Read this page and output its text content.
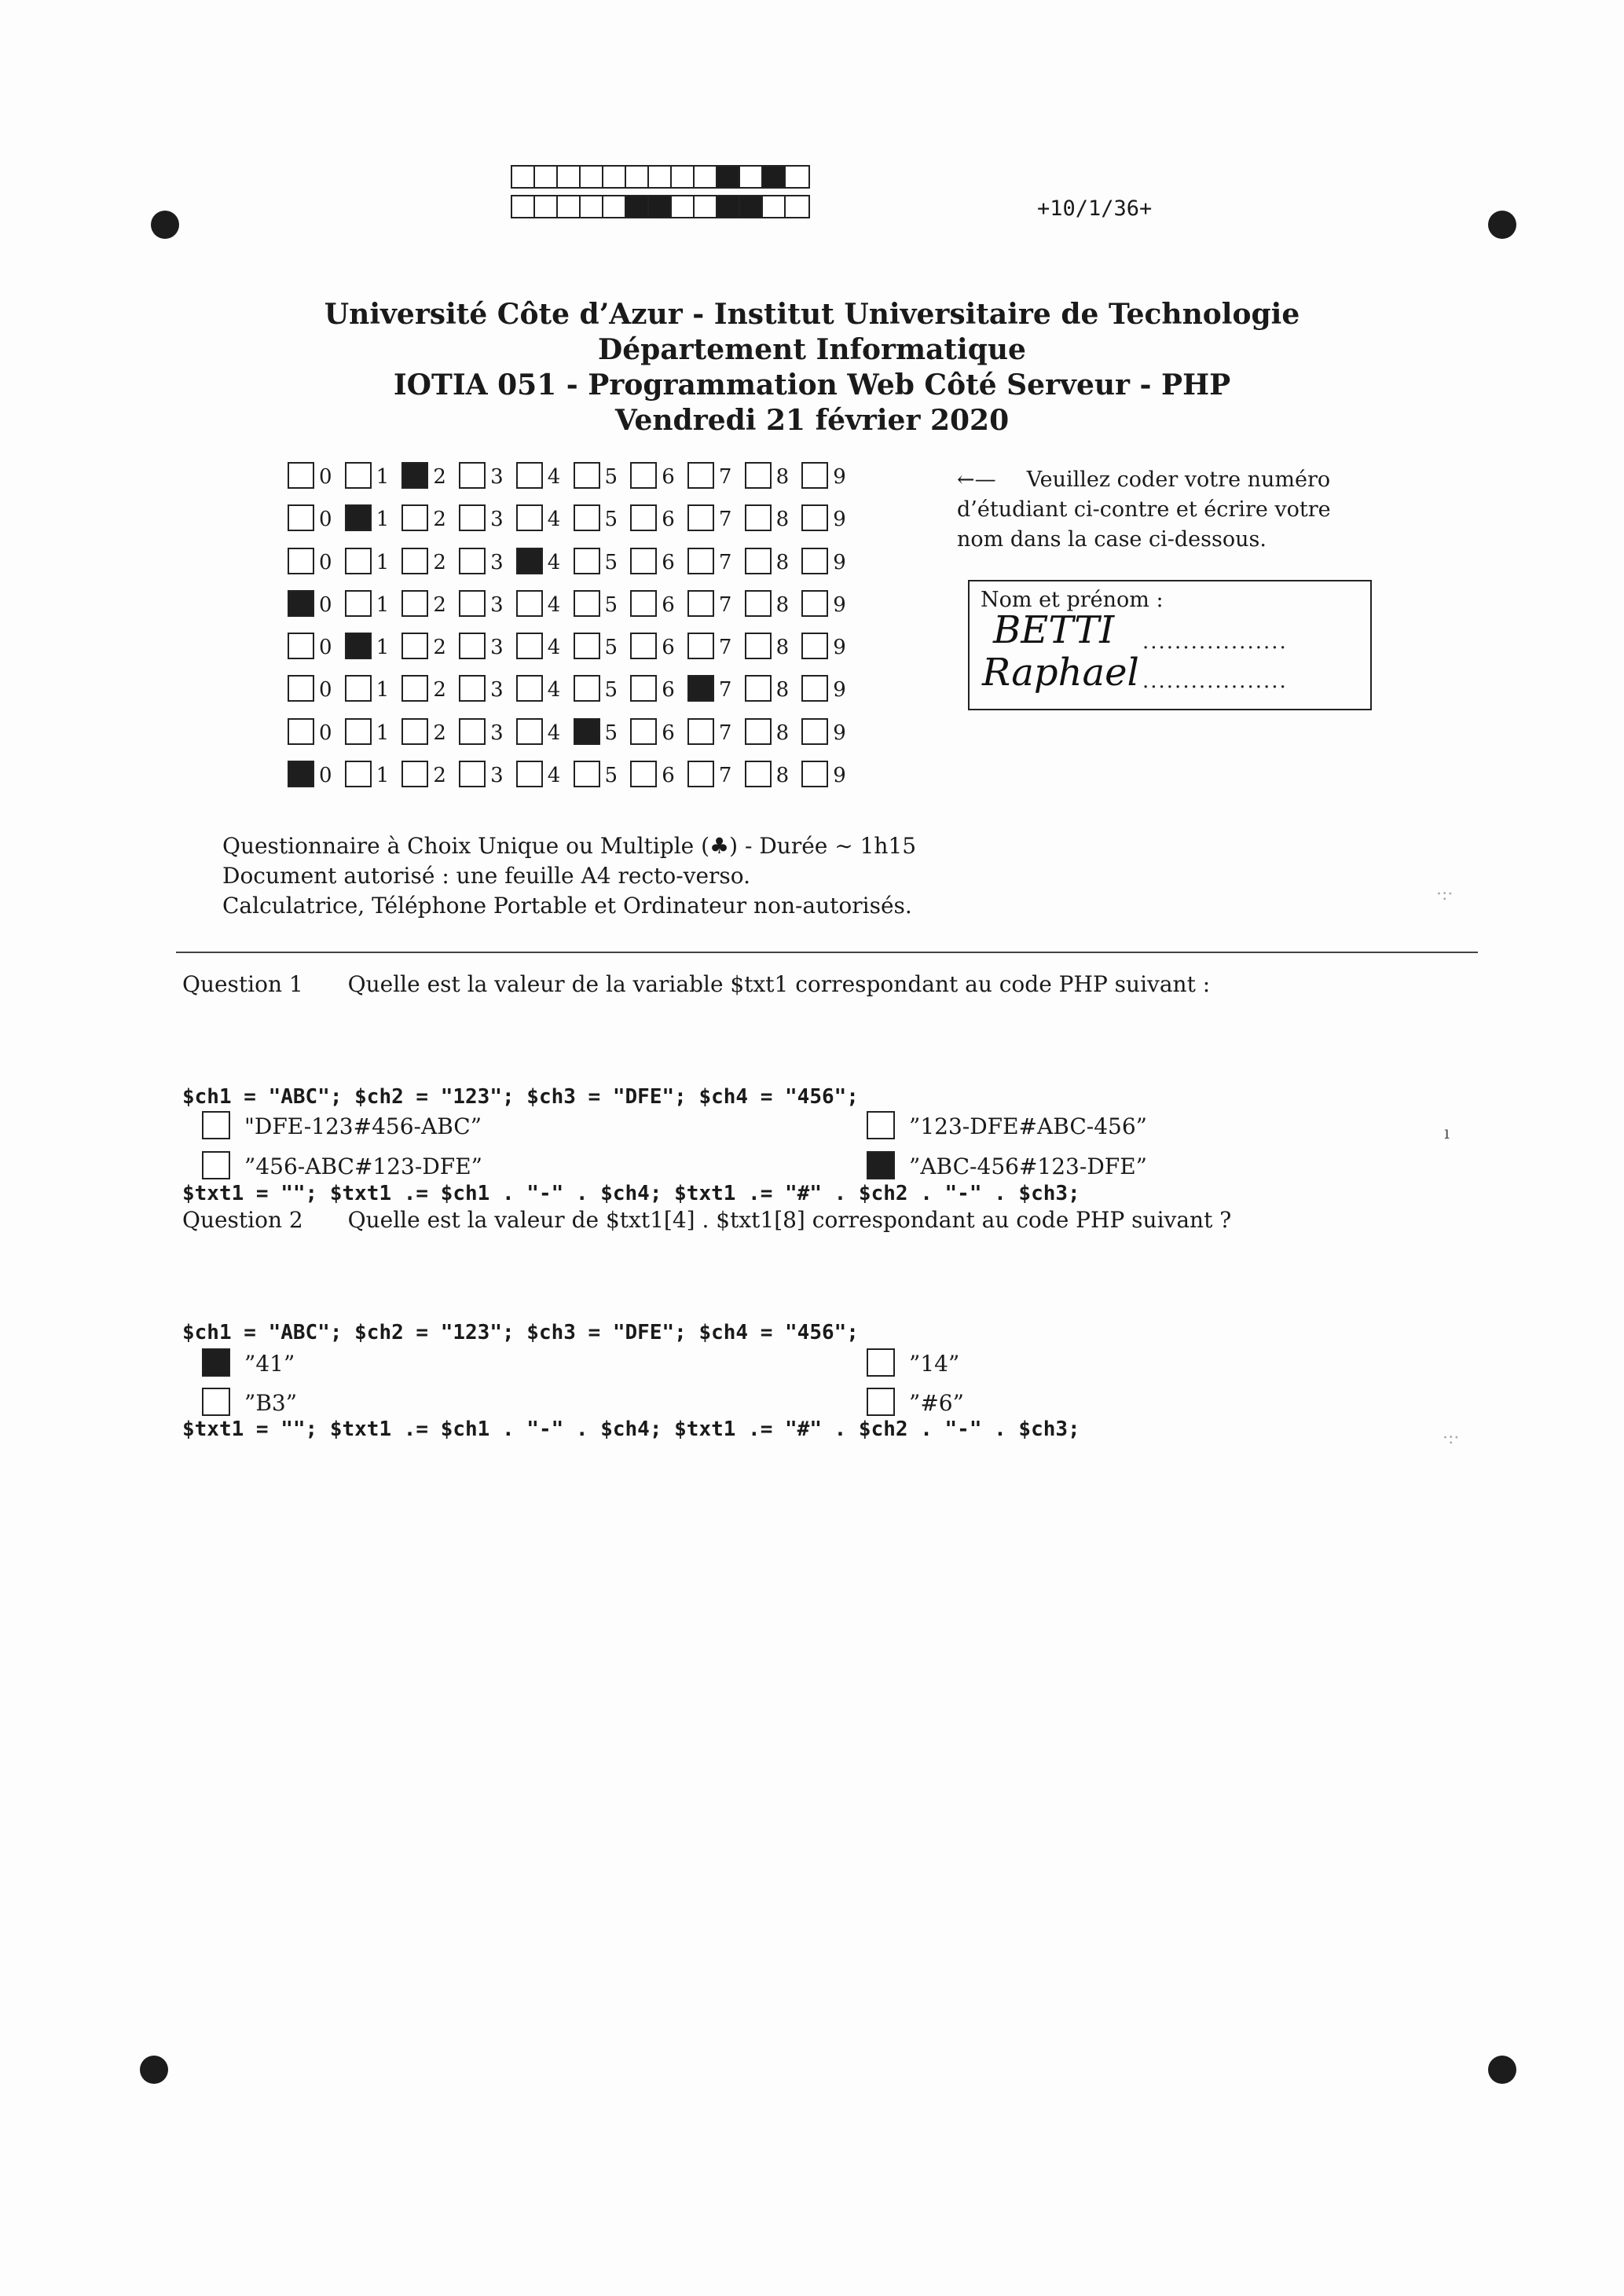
+10/1/36+
Université Côte d’Azur - Institut Universitaire de Technologie
Département Informatique
IOTIA 051 - Programmation Web Côté Serveur - PHP
Vendredi 21 février 2020
0 1 2 3 4 5 6 7 8 9
0 1 2 3 4 5 6 7 8 9
0 1 2 3 4 5 6 7 8 9
0 1 2 3 4 5 6 7 8 9
0 1 2 3 4 5 6 7 8 9
0 1 2 3 4 5 6 7 8 9
0 1 2 3 4 5 6 7 8 9
0 1 2 3 4 5 6 7 8 9
←— Veuillez coder votre numéro d’étudiant ci-contre et écrire votre nom dans la case ci-dessous.
Nom et prénom :
..................
..................
BETTI
Raphael
Questionnaire à Choix Unique ou Multiple (♣) - Durée ∼ 1h15
Document autorisé : une feuille A4 recto-verso.
Calculatrice, Téléphone Portable et Ordinateur non-autorisés.
Question 1 Quelle est la valeur de la variable $txt1 correspondant au code PHP suivant :

$ch1 = "ABC"; $ch2 = "123"; $ch3 = "DFE"; $ch4 = "456";

$txt1 = ""; $txt1 .= $ch1 . "-" . $ch4; $txt1 .= "#" . $ch2 . "-" . $ch3;

"DFE-123#456-ABC”	”123-DFE#ABC-456”
”456-ABC#123-DFE”	”ABC-456#123-DFE”
Question 2 Quelle est la valeur de $txt1[4] . $txt1[8] correspondant au code PHP suivant ?

$ch1 = "ABC"; $ch2 = "123"; $ch3 = "DFE"; $ch4 = "456";

$txt1 = ""; $txt1 .= $ch1 . "-" . $ch4; $txt1 .= "#" . $ch2 . "-" . $ch3;

”41”	”14”
”B3”	”#6”
·:·
ı
·:·
